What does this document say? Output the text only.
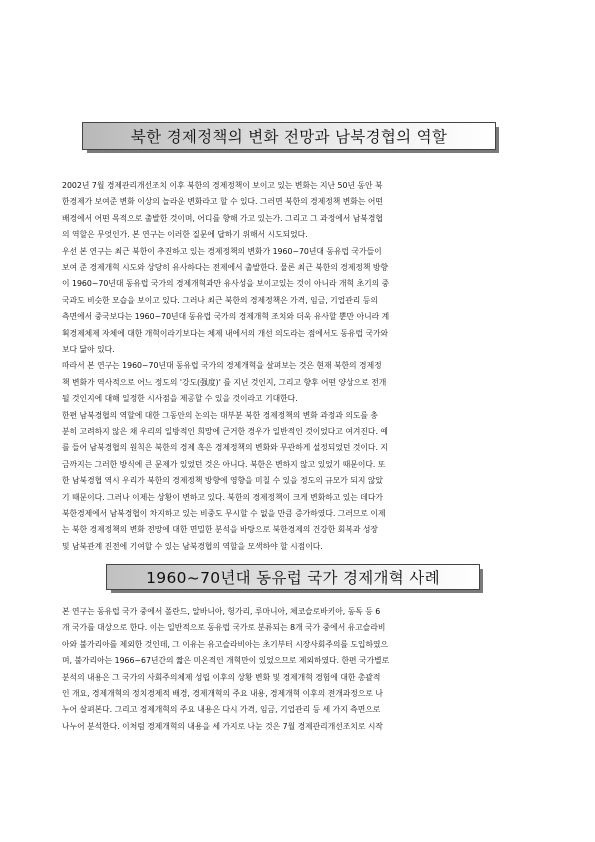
북한 경제정책의 변화 전망과 남북경협의 역할
2002년 7월 경제관리개선조치 이후 북한의 경제정책이 보이고 있는 변화는 지난 50년 동안 북
한경제가 보여준 변화 이상의 놀라운 변화라고 할 수 있다. 그러면 북한의 경제정책 변화는 어떤
배경에서 어떤 목적으로 출발한 것이며, 어디를 향해 가고 있는가. 그리고 그 과정에서 남북경협
의 역할은 무엇인가. 본 연구는 이러한 질문에 답하기 위해서 시도되었다.
우선 본 연구는 최근 북한이 추진하고 있는 경제정책의 변화가 1960~70년대 동유럽 국가들이
보여 준 경제개혁 시도와 상당히 유사하다는 전제에서 출발한다. 물론 최근 북한의 경제정책 방향
이 1960~70년대 동유럽 국가의 경제개혁과만 유사성을 보이고있는 것이 아니라 개혁 초기의 중
국과도 비슷한 모습을 보이고 있다. 그러나 최근 북한의 경제정책은 가격, 임금, 기업관리 등의
측면에서 중국보다는 1960~70년대 동유럽 국가의 경제개혁 조치와 더욱 유사할 뿐만 아니라 계
획경제체제 자체에 대한 개혁이라기보다는 체제 내에서의 개선 의도라는 점에서도 동유럽 국가와
보다 닮아 있다.
따라서 본 연구는 1960~70년대 동유럽 국가의 경제개혁을 살펴보는 것은 현재 북한의 경제정
책 변화가 역사적으로 어느 정도의 '강도(强度)' 를 지닌 것인지, 그리고 향후 어떤 양상으로 전개
될 것인지에 대해 일정한 시사점을 제공할 수 있을 것이라고 기대한다.
한편 남북경협의 역할에 대한 그동안의 논의는 대부분 북한 경제정책의 변화 과정과 의도를 충
분히 고려하지 않은 채 우리의 일방적인 희망에 근거한 경우가 일반적인 것이었다고 여겨진다. 예
를 들어 남북경협의 원칙은 북한의 경제 혹은 경제정책의 변화와 무관하게 설정되었던 것이다. 지
금까지는 그러한 방식에 큰 문제가 있었던 것은 아니다. 북한은 변하지 않고 있었기 때문이다. 또
한 남북경협 역시 우리가 북한의 경제정책 방향에 영향을 미칠 수 있을 정도의 규모가 되지 않았
기 때문이다. 그러나 이제는 상황이 변하고 있다. 북한의 경제정책이 크게 변화하고 있는 데다가
북한경제에서 남북경협이 차지하고 있는 비중도 무시할 수 없을 만큼 증가하였다. 그러므로 이제
는 북한 경제정책의 변화 전망에 대한 면밀한 분석을 바탕으로 북한경제의 건강한 회복과 성장
및 남북관계 진전에 기여할 수 있는 남북경협의 역할을 모색하야 할 시점이다.
1960~70년대 동유럽 국가 경제개혁 사례
본 연구는 동유럽 국가 중에서 폴란드, 알바니아, 헝가리, 루마니아, 체코슬로바키아, 동독 등 6
개 국가를 대상으로 한다. 이는 일반적으로 동유럽 국가로 분류되는 8개 국가 중에서 유고슬라비
아와 불가리아를 제외한 것인데, 그 이유는 유고슬라비아는 초기부터 시장사회주의를 도입하였으
며, 불가리아는 1966~67년간의 짧은 미온적인 개혁만이 있었으므로 제외하였다. 한편 국가별로
분석의 내용은 그 국가의 사회주의체제 성립 이후의 상황 변화 및 경제개혁 경험에 대한 총괄적
인 개요, 경제개혁의 정치경제적 배경, 경제개혁의 주요 내용, 경제개혁 이후의 전개과정으로 나
누어 살펴본다. 그리고 경제개혁의 주요 내용은 다시 가격, 임금, 기업관리 등 세 가지 측면으로
나누어 분석한다. 이처럼 경제개혁의 내용을 세 가지로 나눈 것은 7월 경제관리개선조치로 시작
